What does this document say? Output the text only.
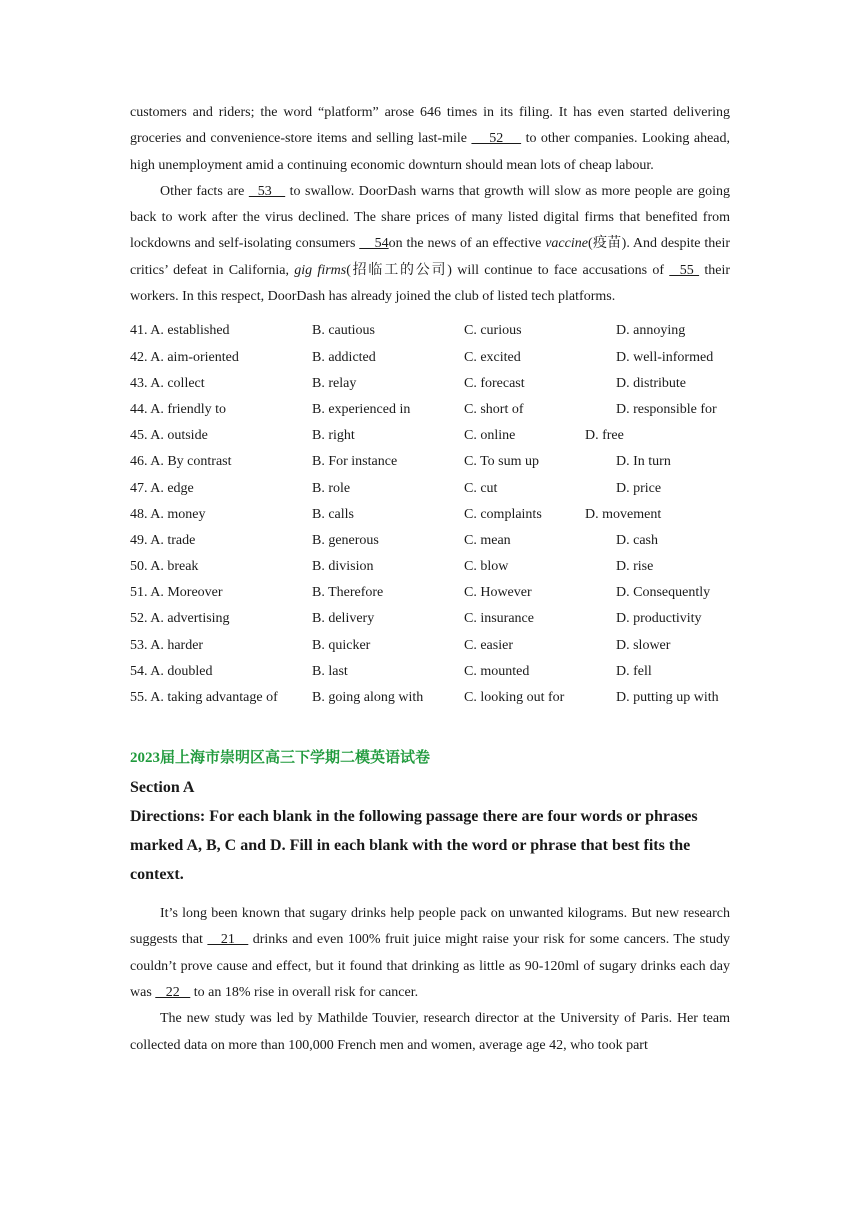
customers and riders; the word “platform” arose 646 times in its filing. It has even started delivering groceries and convenience-store items and selling last-mile     52     to other companies. Looking ahead, high unemployment amid a continuing economic downturn should mean lots of cheap labour.

Other facts are   53    to swallow. DoorDash warns that growth will slow as more people are going back to work after the virus declined. The share prices of many listed digital firms that benefited from lockdowns and self-isolating consumers     54on the news of an effective vaccine(疫苗). And despite their critics’ defeat in California, gig firms(招临工的公司) will continue to face accusations of   55  their workers. In this respect, DoorDash has already joined the club of listed tech platforms.

41. A. established	B. cautious	C. curious	D. annoying
42. A. aim-oriented	B. addicted	C. excited	D. well-informed
43. A. collect	B. relay	C. forecast	D. distribute
44. A. friendly to	B. experienced in	C. short of	D. responsible for
45. A. outside	B. right	C. online	D. free
46. A. By contrast	B. For instance	C. To sum up	D. In turn
47. A. edge	B. role	C. cut	D. price
48. A. money	B. calls	C. complaints	D. movement
49. A. trade	B. generous	C. mean	D. cash
50. A. break	B. division	C. blow	D. rise
51. A. Moreover	B. Therefore	C. However	D. Consequently
52. A. advertising	B. delivery	C. insurance	D. productivity
53. A. harder	B. quicker	C. easier	D. slower
54. A. doubled	B. last	C. mounted	D. fell
55. A. taking advantage of	B. going along with	C. looking out for	D. putting up with
2023届上海市崇明区高三下学期二模英语试卷

Section A

Directions: For each blank in the following passage there are four words or phrases marked A, B, C and D. Fill in each blank with the word or phrase that best fits the context.

It’s long been known that sugary drinks help people pack on unwanted kilograms. But new research suggests that    21    drinks and even 100% fruit juice might raise your risk for some cancers. The study couldn’t prove cause and effect, but it found that drinking as little as 90-120ml of sugary drinks each day was    22    to an 18% rise in overall risk for cancer.

The new study was led by Mathilde Touvier, research director at the University of Paris. Her team collected data on more than 100,000 French men and women, average age 42, who took part
